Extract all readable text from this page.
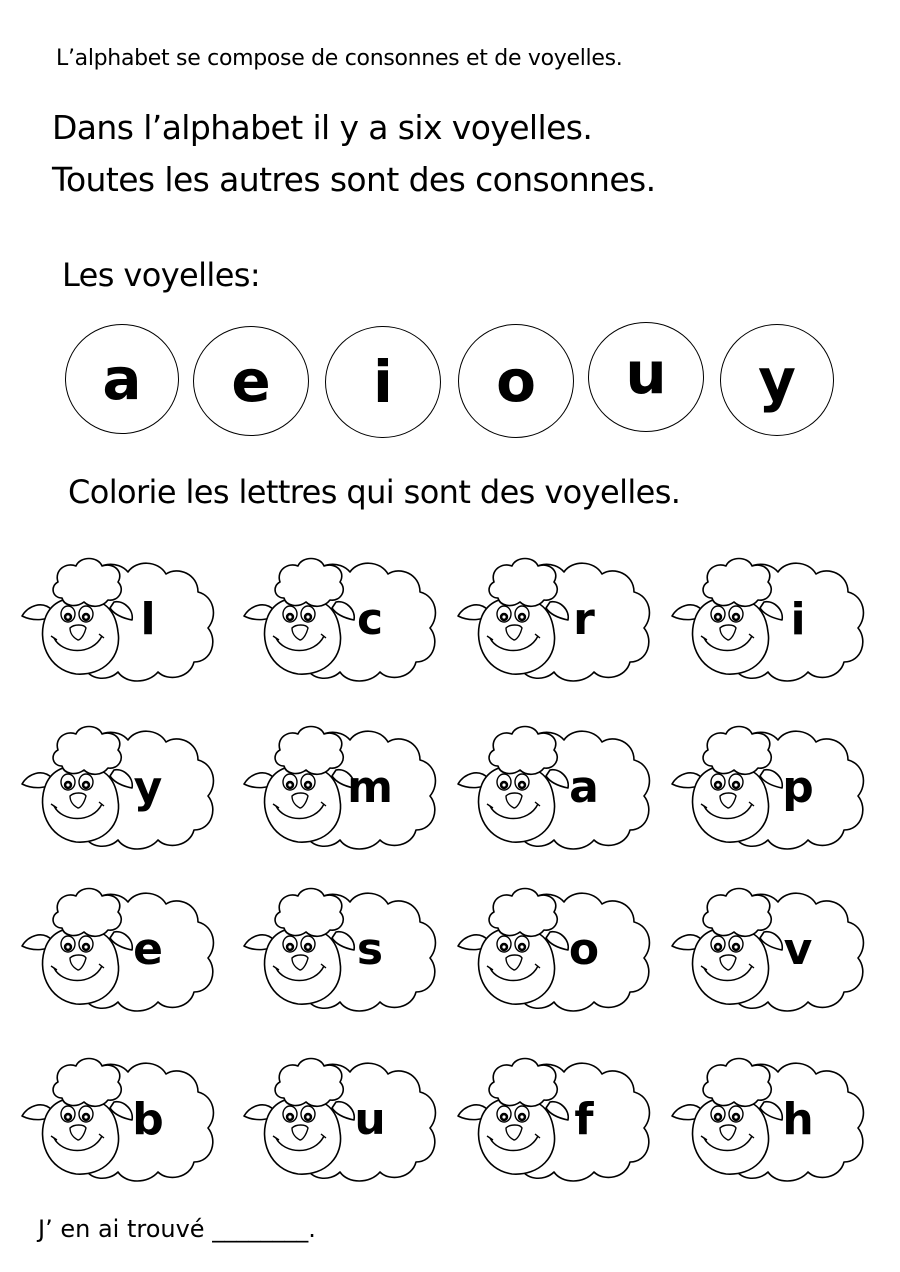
L’alphabet se compose de consonnes et de voyelles.
Dans l’alphabet il y a six voyelles.
Toutes les autres sont des consonnes.
Les voyelles:
a	e	i	o	u	y
Colorie les lettres qui sont des voyelles.
l	c	r	i
y	m	a	p
e	s	o	v
b	u	f	h
J’ en ai trouvé ________.
